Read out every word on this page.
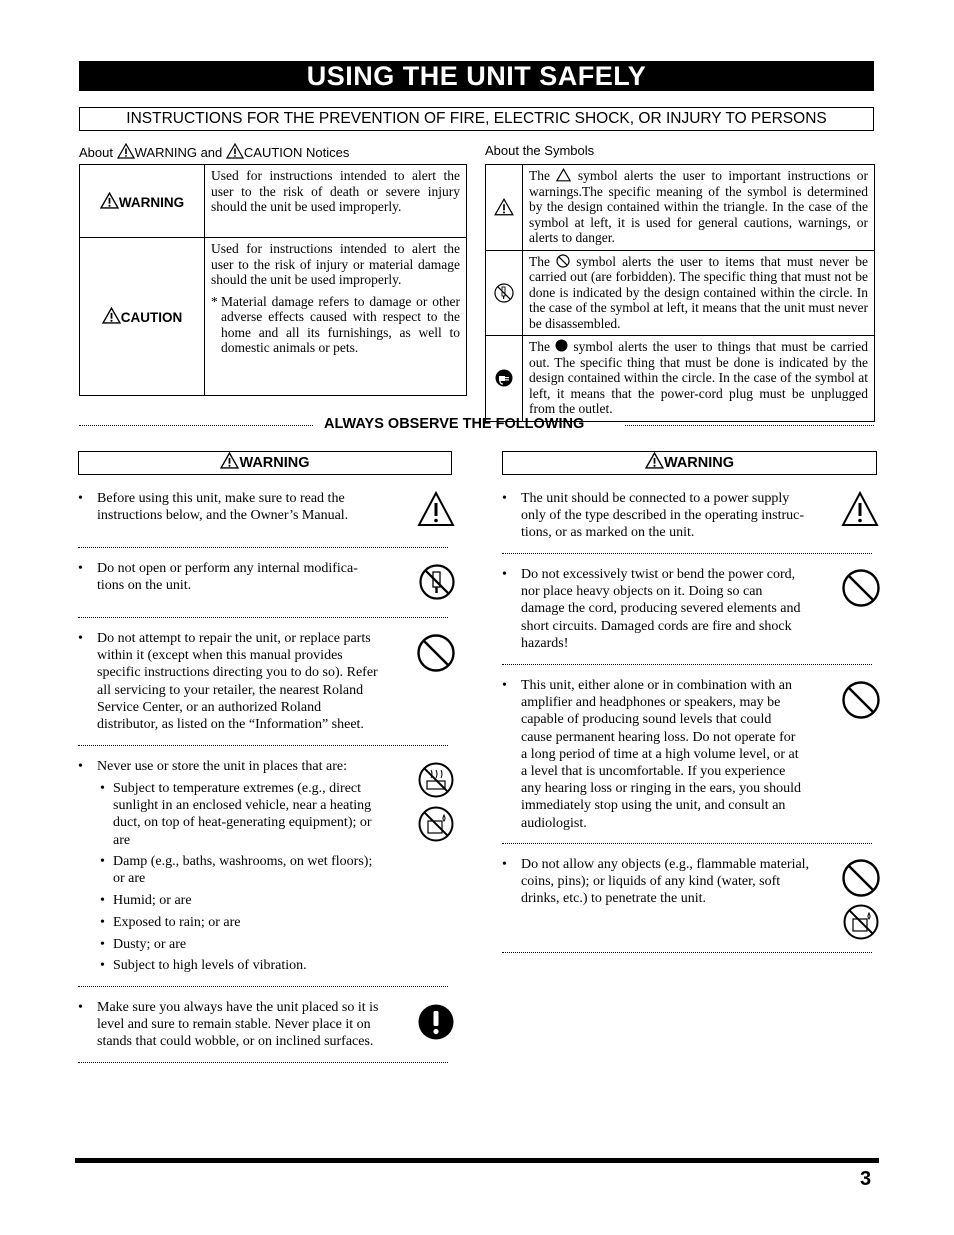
USING THE UNIT SAFELY
INSTRUCTIONS FOR THE PREVENTION OF FIRE, ELECTRIC SHOCK, OR INJURY TO PERSONS
About WARNING and CAUTION Notices
WARNING	Used for instructions intended to alert the user to the risk of death or severe injury should the unit be used improperly.
CAUTION	Used for instructions intended to alert the user to the risk of injury or material damage should the unit be used improperly.
* Material damage refers to damage or other adverse effects caused with respect to the home and all its furnishings, as well to domestic animals or pets.
About the Symbols
	The symbol alerts the user to important instructions or warnings.The specific meaning of the symbol is determined by the design contained within the triangle. In the case of the symbol at left, it is used for general cautions, warnings, or alerts to danger.

	The symbol alerts the user to items that must never be carried out (are forbidden). The specific thing that must not be done is indicated by the design contained within the circle. In the case of the symbol at left, it means that the unit must never be disassembled.

	The symbol alerts the user to things that must be carried out. The specific thing that must be done is indicated by the design contained within the circle. In the case of the symbol at left, it means that the power-cord plug must be unplugged from the outlet.
ALWAYS OBSERVE THE FOLLOWING
WARNING
• Before using this unit, make sure to read the
instructions below, and the Owner’s Manual.
• Do not open or perform any internal modifica-
tions on the unit.
• Do not attempt to repair the unit, or replace parts
within it (except when this manual provides
specific instructions directing you to do so). Refer
all servicing to your retailer, the nearest Roland
Service Center, or an authorized Roland
distributor, as listed on the “Information” sheet.
• Never use or store the unit in places that are:
• Subject to temperature extremes (e.g., direct
sunlight in an enclosed vehicle, near a heating
duct, on top of heat-generating equipment); or
are
• Damp (e.g., baths, washrooms, on wet floors);
or are
• Humid; or are
• Exposed to rain; or are
• Dusty; or are
• Subject to high levels of vibration.
• Make sure you always have the unit placed so it is
level and sure to remain stable. Never place it on
stands that could wobble, or on inclined surfaces.
WARNING
• The unit should be connected to a power supply
only of the type described in the operating instruc-
tions, or as marked on the unit.
• Do not excessively twist or bend the power cord,
nor place heavy objects on it. Doing so can
damage the cord, producing severed elements and
short circuits. Damaged cords are fire and shock
hazards!
• This unit, either alone or in combination with an
amplifier and headphones or speakers, may be
capable of producing sound levels that could
cause permanent hearing loss. Do not operate for
a long period of time at a high volume level, or at
a level that is uncomfortable. If you experience
any hearing loss or ringing in the ears, you should
immediately stop using the unit, and consult an
audiologist.
• Do not allow any objects (e.g., flammable material,
coins, pins); or liquids of any kind (water, soft
drinks, etc.) to penetrate the unit.
3
